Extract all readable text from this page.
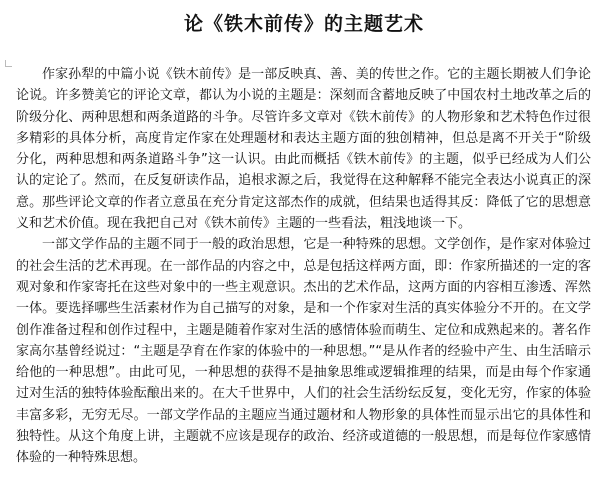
论《铁木前传》的主题艺术

作家孙犁的中篇小说《铁木前传》是一部反映真、善、美的传世之作。它的主题长期被人们争论论说。许多赞美它的评论文章，都认为小说的主题是：深刻而含蓄地反映了中国农村土地改革之后的阶级分化、两种思想和两条道路的斗争。尽管许多文章对《铁木前传》的人物形象和艺术特色作过很多精彩的具体分析，高度肯定作家在处理题材和表达主题方面的独创精神，但总是离不开关于“阶级分化，两种思想和两条道路斗争”这一认识。由此而概括《铁木前传》的主题，似乎已经成为人们公认的定论了。然而，在反复研读作品，追根求源之后，我觉得在这种解释不能完全表达小说真正的深意。那些评论文章的作者立意虽在充分肯定这部杰作的成就，但结果也适得其反：降低了它的思想意义和艺术价值。现在我把自己对《铁木前传》主题的一些看法，粗浅地谈一下。

一部文学作品的主题不同于一般的政治思想，它是一种特殊的思想。文学创作，是作家对体验过的社会生活的艺术再现。在一部作品的内容之中，总是包括这样两方面，即：作家所描述的一定的客观对象和作家寄托在这些对象中的一些主观意识。杰出的艺术作品，这两方面的内容相互渗透、浑然一体。要选择哪些生活素材作为自己描写的对象，是和一个作家对生活的真实体验分不开的。在文学创作准备过程和创作过程中，主题是随着作家对生活的感情体验而萌生、定位和成熟起来的。著名作家高尔基曾经说过：“主题是孕育在作家的体验中的一种思想。”“是从作者的经验中产生、由生活暗示给他的一种思想”。由此可见，一种思想的获得不是抽象思维或逻辑推理的结果，而是由每个作家通过对生活的独特体验酝酿出来的。在大千世界中，人们的社会生活纷纭反复，变化无穷，作家的体验丰富多彩，无穷无尽。一部文学作品的主题应当通过题材和人物形象的具体性而显示出它的具体性和独特性。从这个角度上讲，主题就不应该是现存的政治、经济或道德的一般思想，而是每位作家感情体验的一种特殊思想。
